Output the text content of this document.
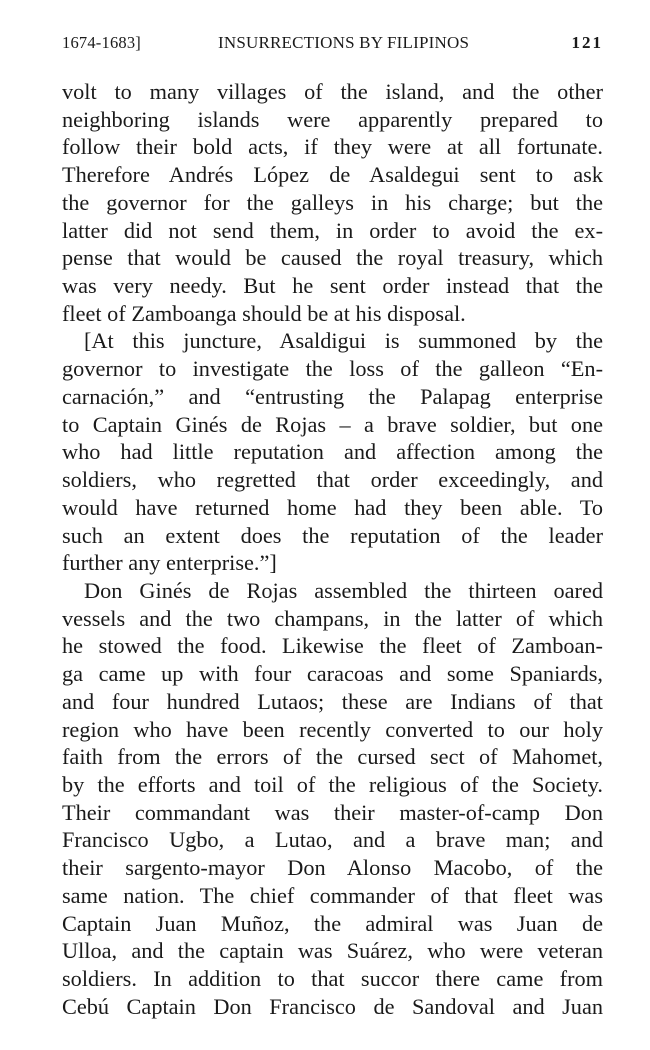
1674-1683]	INSURRECTIONS BY FILIPINOS	121
volt to many villages of the island, and the other
neighboring islands were apparently prepared to
follow their bold acts, if they were at all fortunate.
Therefore Andrés López de Asaldegui sent to ask
the governor for the galleys in his charge; but the
latter did not send them, in order to avoid the ex-
pense that would be caused the royal treasury, which
was very needy. But he sent order instead that the
fleet of Zamboanga should be at his disposal.
[At this juncture, Asaldigui is summoned by the
governor to investigate the loss of the galleon “En-
carnación,” and “entrusting the Palapag enterprise
to Captain Ginés de Rojas – a brave soldier, but one
who had little reputation and affection among the
soldiers, who regretted that order exceedingly, and
would have returned home had they been able. To
such an extent does the reputation of the leader
further any enterprise.”]
Don Ginés de Rojas assembled the thirteen oared
vessels and the two champans, in the latter of which
he stowed the food. Likewise the fleet of Zamboan-
ga came up with four caracoas and some Spaniards,
and four hundred Lutaos; these are Indians of that
region who have been recently converted to our holy
faith from the errors of the cursed sect of Mahomet,
by the efforts and toil of the religious of the Society.
Their commandant was their master-of-camp Don
Francisco Ugbo, a Lutao, and a brave man; and
their sargento-mayor Don Alonso Macobo, of the
same nation. The chief commander of that fleet was
Captain Juan Muñoz, the admiral was Juan de
Ulloa, and the captain was Suárez, who were veteran
soldiers. In addition to that succor there came from
Cebú Captain Don Francisco de Sandoval and Juan
